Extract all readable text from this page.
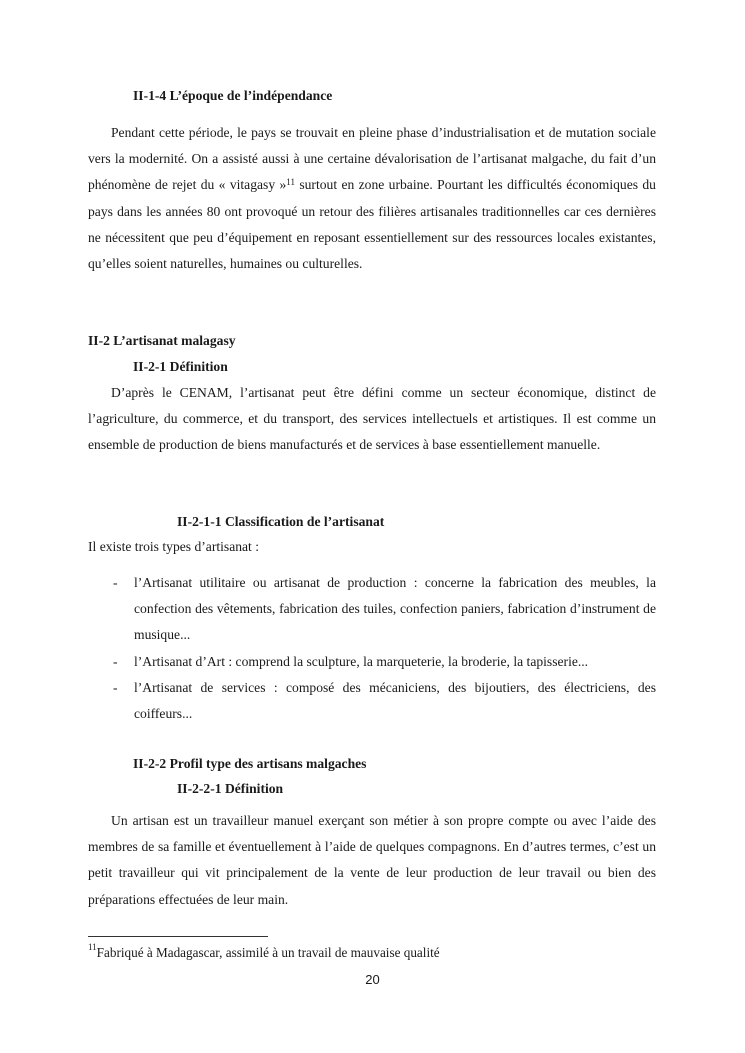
II-1-4 L’époque de l’indépendance
Pendant cette période, le pays se trouvait en pleine phase d’industrialisation et de mutation sociale vers la modernité. On a assisté aussi à une certaine dévalorisation de l’artisanat malgache, du fait d’un phénomène de rejet du « vitagasy »$^{11}$ surtout en zone urbaine. Pourtant les difficultés économiques du pays dans les années 80 ont provoqué un retour des filières artisanales traditionnelles car ces dernières ne nécessitent que peu d’équipement en reposant essentiellement sur des ressources locales existantes, qu’elles soient naturelles, humaines ou culturelles.
II-2 L’artisanat malagasy
II-2-1 Définition
D’après le CENAM, l’artisanat peut être défini comme un secteur économique, distinct de l’agriculture, du commerce, et du transport, des services intellectuels et artistiques. Il est comme un ensemble de production de biens manufacturés et de services à base essentiellement manuelle.
II-2-1-1 Classification de l’artisanat
Il existe trois types d’artisanat :
- l’Artisanat utilitaire ou artisanat de production : concerne la fabrication des meubles, la confection des vêtements, fabrication des tuiles, confection paniers, fabrication d’instrument de musique...
- l’Artisanat d’Art : comprend la sculpture, la marqueterie, la broderie, la tapisserie...
- l’Artisanat de services : composé des mécaniciens, des bijoutiers, des électriciens, des coiffeurs...
II-2-2 Profil type des artisans malgaches
II-2-2-1 Définition
Un artisan est un travailleur manuel exerçant son métier à son propre compte ou avec l’aide des membres de sa famille et éventuellement à l’aide de quelques compagnons. En d’autres termes, c’est un petit travailleur qui vit principalement de la vente de leur production de leur travail ou bien des préparations effectuées de leur main.
$^{11}$Fabriqué à Madagascar, assimilé à un travail de mauvaise qualité
20
